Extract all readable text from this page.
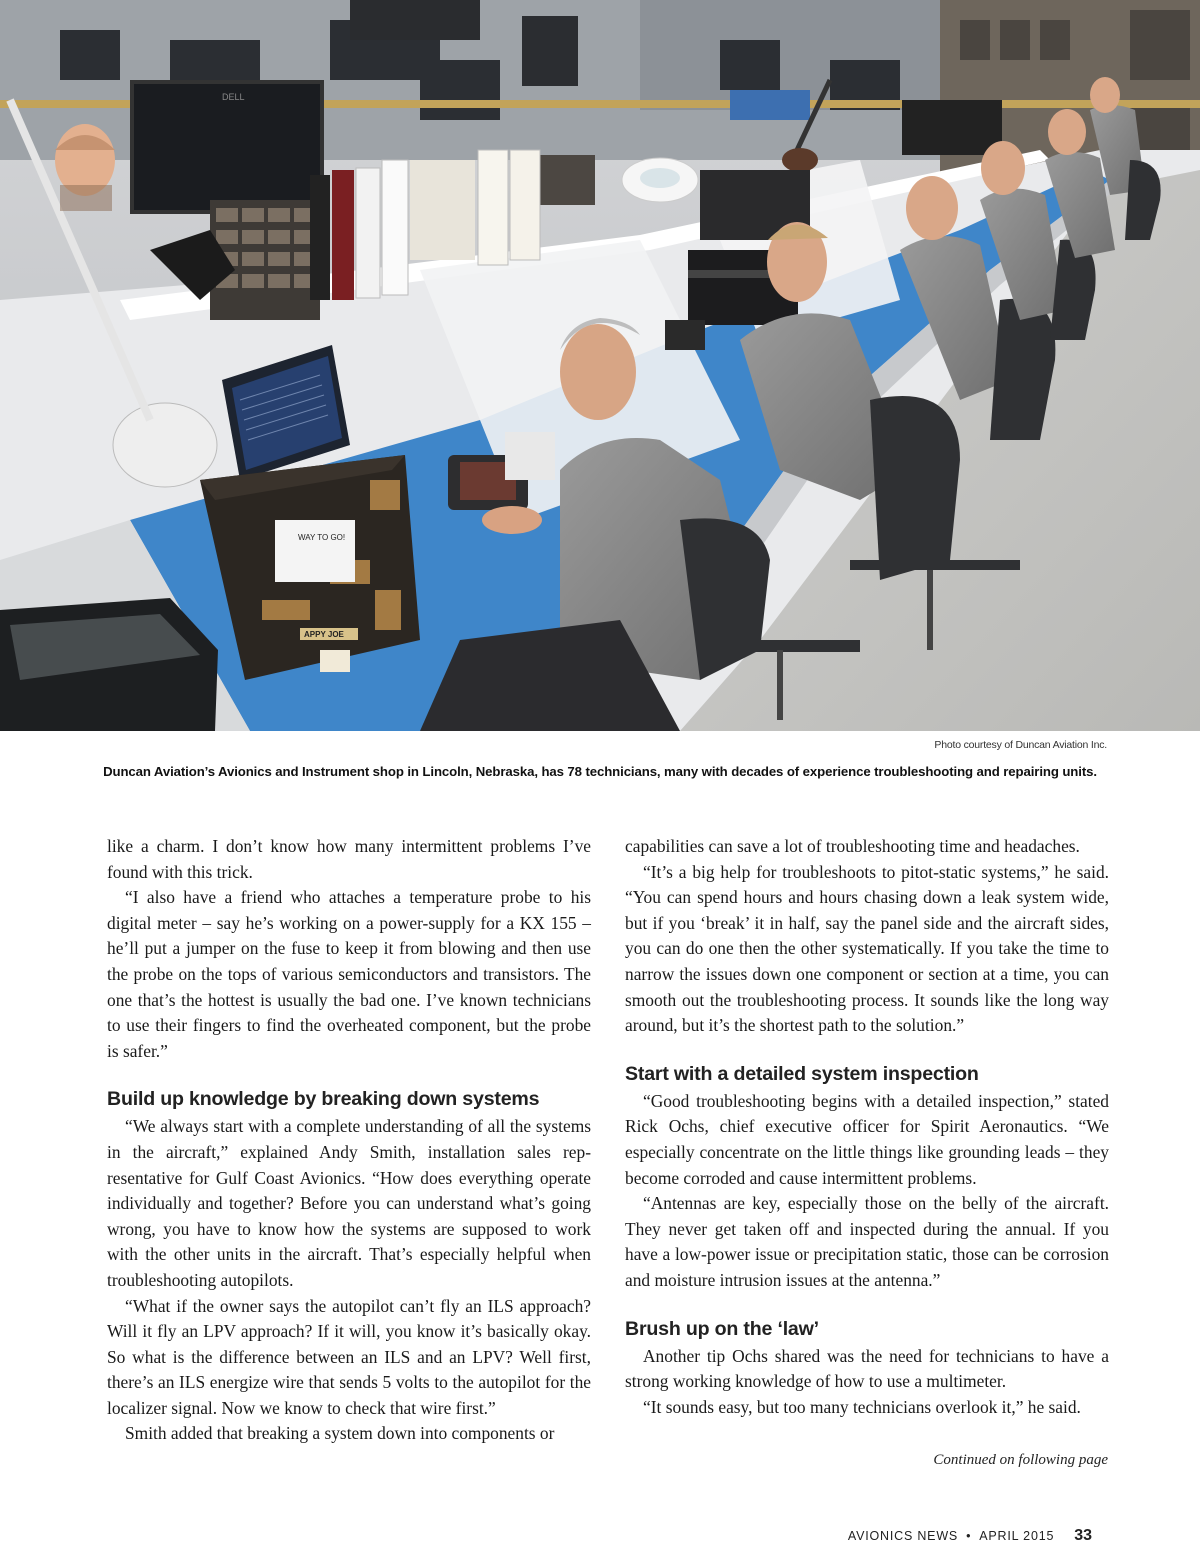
DELL
WAY TO GO!
APPY JOE
Photo courtesy of Duncan Aviation Inc.
Duncan Aviation’s Avionics and Instrument shop in Lincoln, Nebraska, has 78 technicians, many with decades of experience troubleshooting and repairing units.

like a charm. I don’t know how many intermittent problems I’ve found with this trick.

“I also have a friend who attaches a temperature probe to his digital meter – say he’s working on a power-supply for a KX 155 – he’ll put a jumper on the fuse to keep it from blowing and then use the probe on the tops of various semiconductors and transistors. The one that’s the hottest is usually the bad one. I’ve known technicians to use their fingers to find the overheated component, but the probe is safer.”

Build up knowledge by breaking down systems

“We always start with a complete understanding of all the systems in the aircraft,” explained Andy Smith, installation sales representative for Gulf Coast Avionics. “How does everything operate individually and together? Before you can understand what’s going wrong, you have to know how the systems are supposed to work with the other units in the aircraft. That’s especially helpful when troubleshooting autopilots.

“What if the owner says the autopilot can’t fly an ILS approach? Will it fly an LPV approach? If it will, you know it’s basically okay. So what is the difference between an ILS and an LPV? Well first, there’s an ILS energize wire that sends 5 volts to the autopilot for the localizer signal. Now we know to check that wire first.”

Smith added that breaking a system down into components or

capabilities can save a lot of troubleshooting time and headaches.

“It’s a big help for troubleshoots to pitot-static systems,” he said. “You can spend hours and hours chasing down a leak system wide, but if you ‘break’ it in half, say the panel side and the aircraft sides, you can do one then the other systematically. If you take the time to narrow the issues down one component or section at a time, you can smooth out the troubleshooting process. It sounds like the long way around, but it’s the shortest path to the solution.”

Start with a detailed system inspection

“Good troubleshooting begins with a detailed inspection,” stated Rick Ochs, chief executive officer for Spirit Aeronautics. “We especially concentrate on the little things like grounding leads – they become corroded and cause intermittent problems.

“Antennas are key, especially those on the belly of the aircraft. They never get taken off and inspected during the annual. If you have a low-power issue or precipitation static, those can be corrosion and moisture intrusion issues at the antenna.”

Brush up on the ‘law’

Another tip Ochs shared was the need for technicians to have a strong working knowledge of how to use a multimeter.

“It sounds easy, but too many technicians overlook it,” he said.

Continued on following page
AVIONICS NEWS • APRIL 2015 33
